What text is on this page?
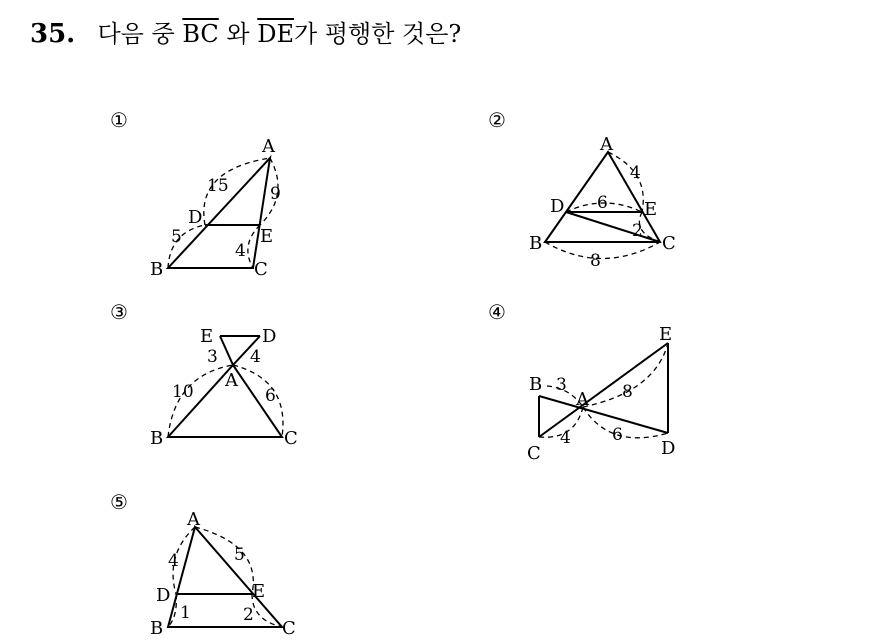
35. 다음 중 $\overline{BC}$ 와 $\overline{DE}$가 평행한 것은?
①
A
B	C
D
E
15
5
9
4
②
A
B	C
D	E
6
4
2
8
③
E	D
A
B	C
3 4
10	6
④
E
B
A
C	D
3	8
4 6
⑤
A
D	E
B	C
4	5
1	2
